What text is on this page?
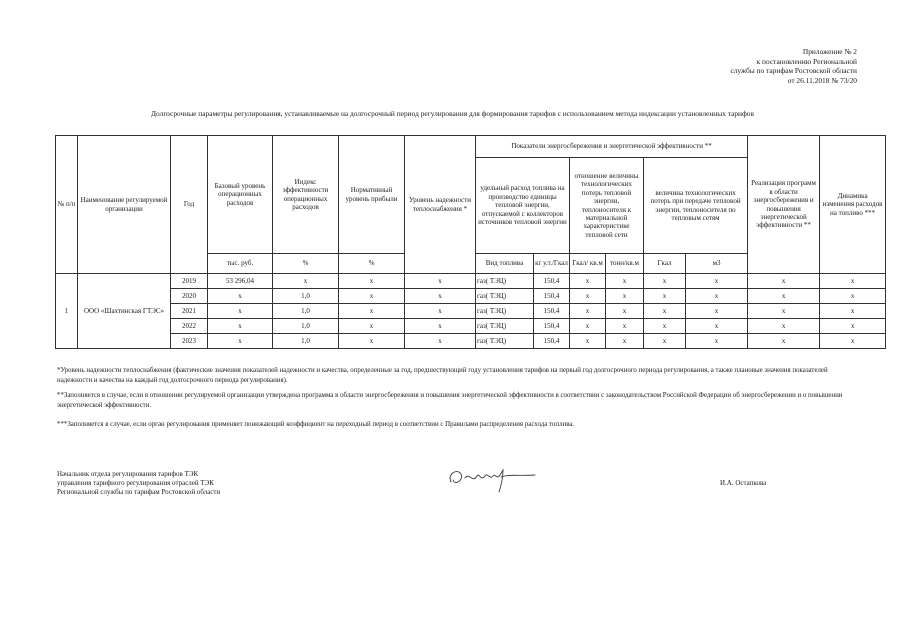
Приложение № 2
к постановлению Региональной
службы по тарифам Ростовской области
от 26.11.2018 № 73/20
Долгосрочные параметры регулирования, устанавливаемые на долгосрочный период регулирования для формирования тарифов с использованием метода индексации установленных тарифов
№ п/п	Наименование регулируемой организации	Год	Базовый уровень операционных расходов	Индекс эффективности операционных расходов	Нормативный уровень прибыли	Уровень надежности теплоснабжения *	Показатели энергосбережения и энергетической эффективности **						Реализация программ в области энергосбережения и повышения энергетической эффективности **	Динамика изменения расходов на топливо ***
							удельный расход топлива на производство единицы тепловой энергии, отпускаемой с коллекторов источников тепловой энергии		отношение величины технологических потерь тепловой энергии, теплоносителя к материальной характеристике тепловой сети		величина технологических потерь при передаче тепловой энергии, теплоносителя по тепловым сетям			
			тыс. руб.	%	%		Вид топлива	кг у.т./Гкал	Гкал/ кв.м	тонн/кв.м	Гкал	м3		
1	ООО «Шахтинская ГТЭС»	2019	53 296,04	х	х	х	газ( ТЭЦ)	150,4	х	х	х	х	х	х
		2020	х	1,0	х	х	газ( ТЭЦ)	150,4	х	х	х	х	х	х
		2021	х	1,0	х	х	газ( ТЭЦ)	150,4	х	х	х	х	х	х
		2022	х	1,0	х	х	газ( ТЭЦ)	150,4	х	х	х	х	х	х
		2023	х	1,0	х	х	газ( ТЭЦ)	150,4	х	х	х	х	х	х
*Уровень надежности теплоснабжения (фактические значения показателей надежности и качества, определенные за год, предшествующий году установления тарифов на первый год долгосрочного периода регулирования, а также плановые значения показателей надежности и качества на каждый год долгосрочного периода регулирования).
**Заполняется в случае, если в отношении регулируемой организации утверждена программа в области энергосбережения и повышения энергетической эффективности в соответствии с законодательством Российской Федерации об энергосбережении и о повышении энергетической эффективности.
***Заполняется в случае, если орган регулирования применяет понижающий коэффициент на переходный период в соответствии с Правилами распределения расхода топлива.
Начальник отдела регулирования тарифов ТЭК
управления тарифного регулирования отраслей ТЭК
Региональной службы по тарифам Ростовской области
И.А. Остапкова
